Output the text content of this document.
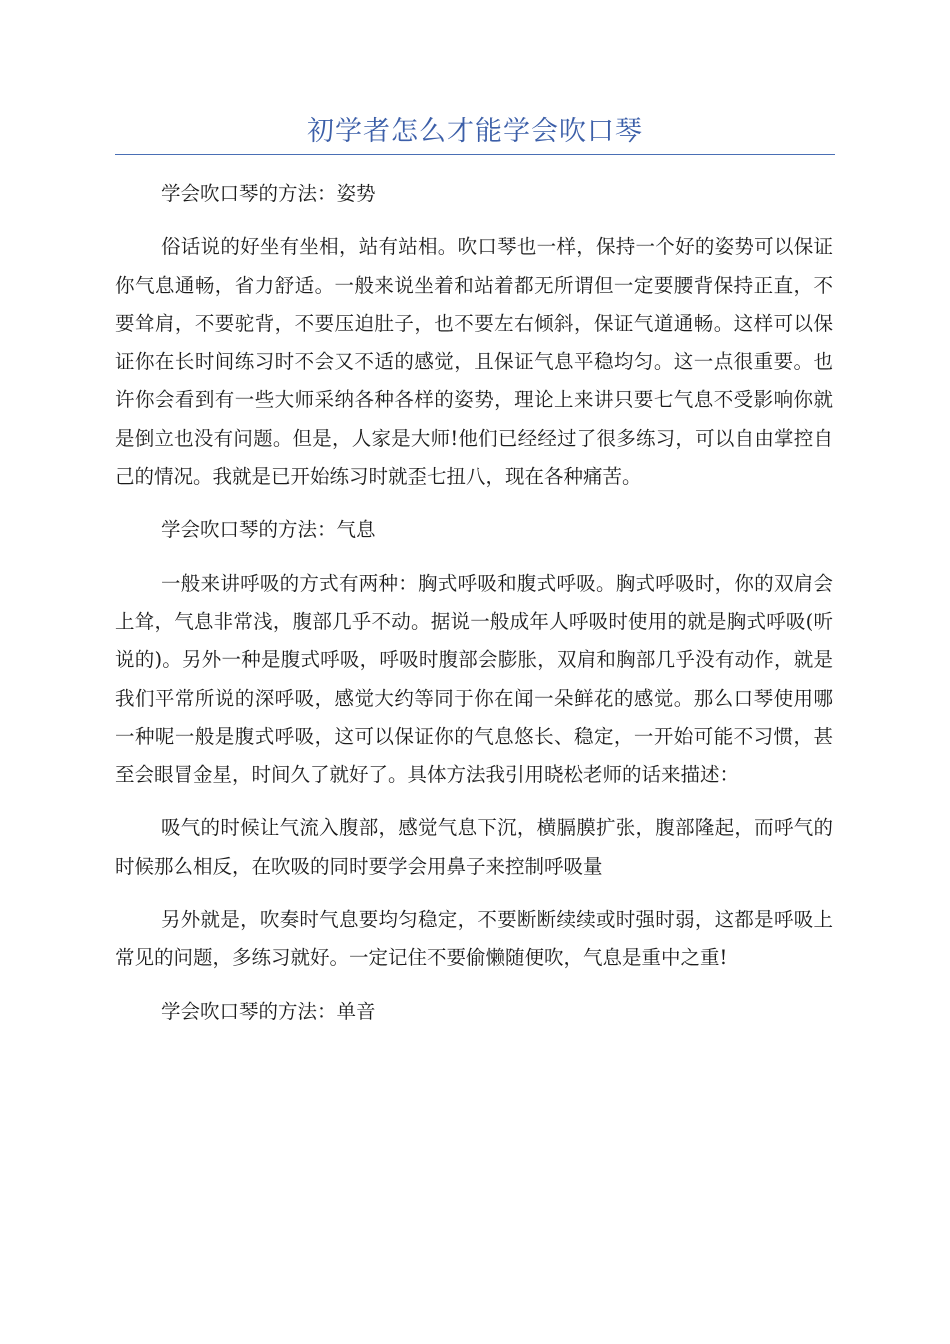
初学者怎么才能学会吹口琴

学会吹口琴的方法：姿势

俗话说的好坐有坐相，站有站相。吹口琴也一样，保持一个好的姿势可以保证你气息通畅，省力舒适。一般来说坐着和站着都无所谓但一定要腰背保持正直，不要耸肩，不要驼背，不要压迫肚子，也不要左右倾斜，保证气道通畅。这样可以保证你在长时间练习时不会又不适的感觉，且保证气息平稳均匀。这一点很重要。也许你会看到有一些大师采纳各种各样的姿势，理论上来讲只要七气息不受影响你就是倒立也没有问题。但是，人家是大师!他们已经经过了很多练习，可以自由掌控自己的情况。我就是已开始练习时就歪七扭八，现在各种痛苦。

学会吹口琴的方法：气息

一般来讲呼吸的方式有两种：胸式呼吸和腹式呼吸。胸式呼吸时，你的双肩会上耸，气息非常浅，腹部几乎不动。据说一般成年人呼吸时使用的就是胸式呼吸(听说的)。另外一种是腹式呼吸，呼吸时腹部会膨胀，双肩和胸部几乎没有动作，就是我们平常所说的深呼吸，感觉大约等同于你在闻一朵鲜花的感觉。那么口琴使用哪一种呢一般是腹式呼吸，这可以保证你的气息悠长、稳定，一开始可能不习惯，甚至会眼冒金星，时间久了就好了。具体方法我引用晓松老师的话来描述：

吸气的时候让气流入腹部，感觉气息下沉，横膈膜扩张，腹部隆起，而呼气的时候那么相反，在吹吸的同时要学会用鼻子来控制呼吸量

另外就是，吹奏时气息要均匀稳定，不要断断续续或时强时弱，这都是呼吸上常见的问题，多练习就好。一定记住不要偷懒随便吹，气息是重中之重!

学会吹口琴的方法：单音
